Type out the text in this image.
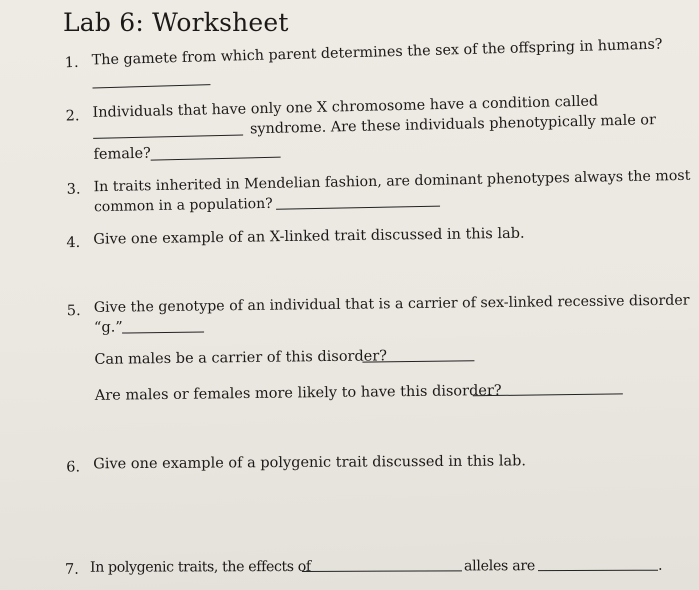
Lab 6: Worksheet
1. The gamete from which parent determines the sex of the offspring in humans?
2. Individuals that have only one X chromosome have a condition called
syndrome. Are these individuals phenotypically male or
female?
3. In traits inherited in Mendelian fashion, are dominant phenotypes always the most
common in a population?
4. Give one example of an X-linked trait discussed in this lab.
5. Give the genotype of an individual that is a carrier of sex-linked recessive disorder
“g.”
Can males be a carrier of this disorder?
Are males or females more likely to have this disorder?
6. Give one example of a polygenic trait discussed in this lab.
7. In polygenic traits, the effects of	alleles are	.
